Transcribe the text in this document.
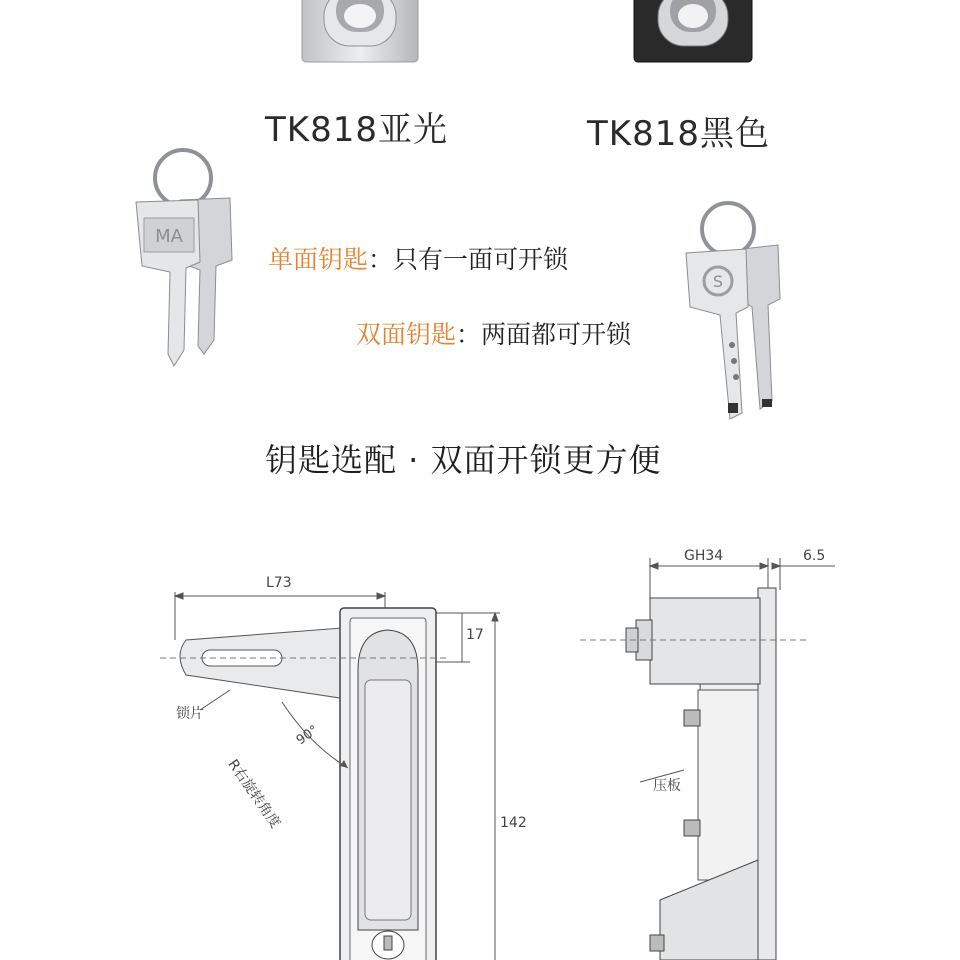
TK818亚光	TK818黑色
MA
S
单面钥匙：只有一面可开锁
双面钥匙：两面都可开锁
钥匙选配 · 双面开锁更方便
L73
17
142
锁片
90°
R右旋转角度
GH34	6.5
压板
